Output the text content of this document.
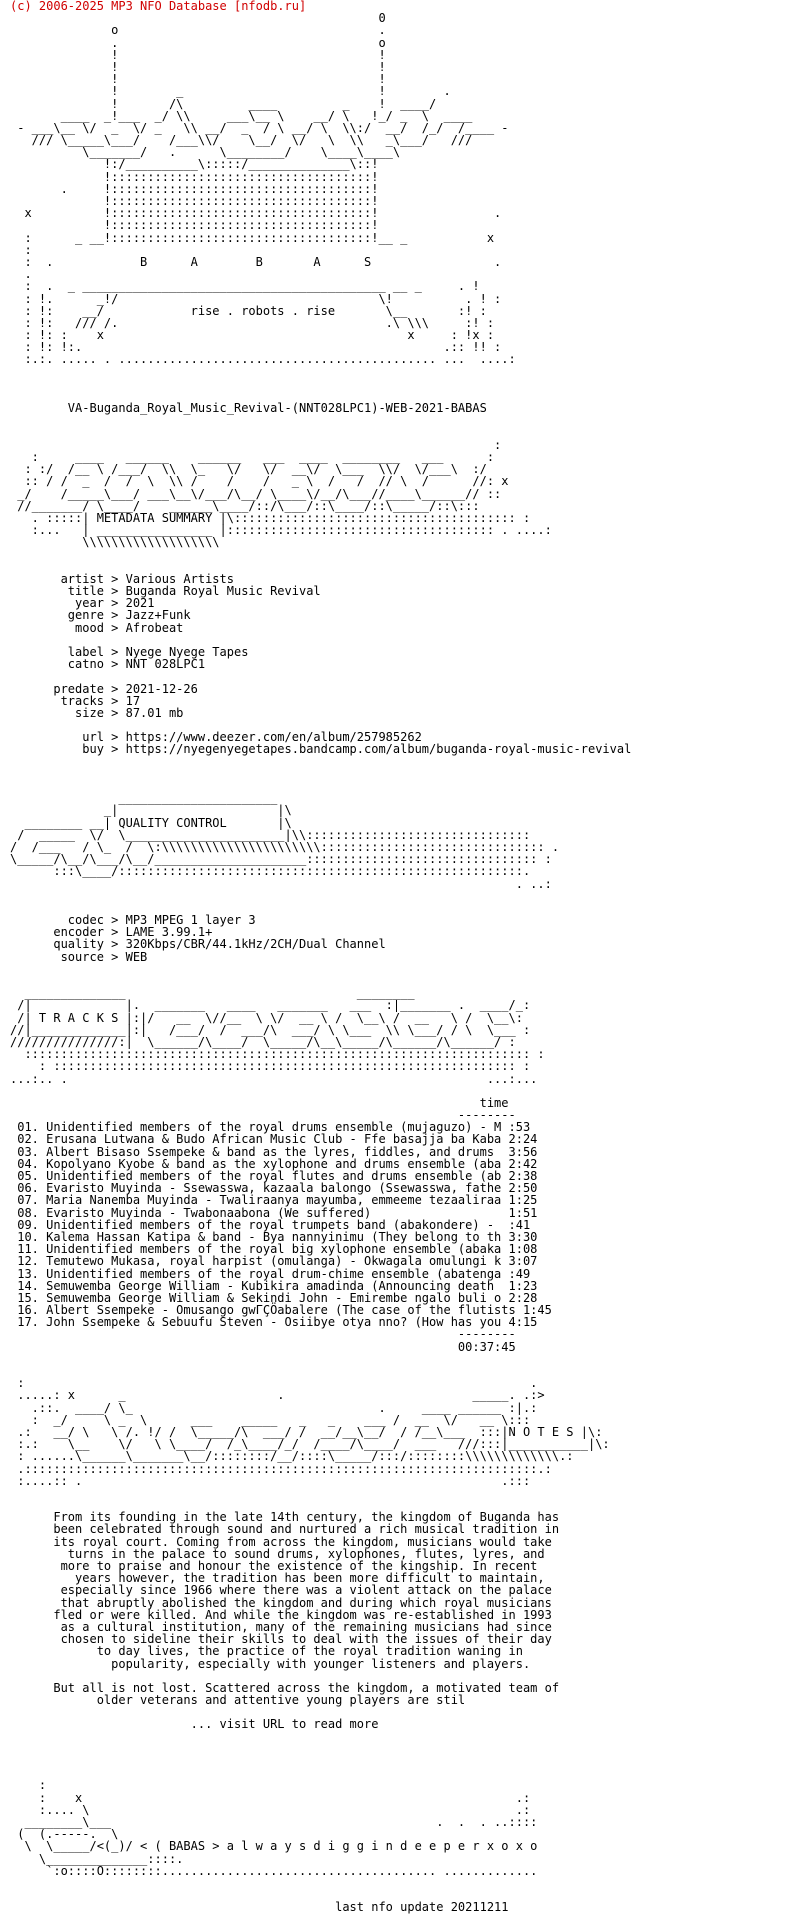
(c) 2006-2025 MP3 NFO Database [nfodb.ru]

0
o                                    .
.                                    o
!                                    !
!                                    !
!                                    !
!        _                           !        .
!       /\         ____         _    !  ____/
____  _!___  _/ \\     ___\__ \    __/ \   !_/ _  \  ____
- ___\__ \/  _  \/ _   \\ __/  _  / \ __/ \  \\:/  __/  /_/  /____ -
/// \_____\___/    /___\\/    \__/  \/   \  \\   _\___/   ///
\_______/   .      \________/    \____\____\
!:/__________\:::::/______________\::!
!::::::::::::::::::::::::::::::::::::!
.     !::::::::::::::::::::::::::::::::::::!
!::::::::::::::::::::::::::::::::::::!
x          !::::::::::::::::::::::::::::::::::::!                .
!::::::::::::::::::::::::::::::::::::!
:      _ __!::::::::::::::::::::::::::::::::::::!__ _           x
:
:  .            B      A        B       A      S                 .
.
:  .  _ __________________________________________ __ _     . !
: !.      _!/                                    \!          . ! :
: !:    __/            rise . robots . rise       \__       :! :
: !:   /// /.                                     .\ \\\     :! :
: !: :    x                                          x     : !x :
: !: !:.                                                  .:: !! :
:.:. ..... . ............................................ ...  ....:
VA-Buganda_Royal_Music_Revival-(NNT028LPC1)-WEB-2021-BABAS
:
:     ____   ______    ______   ___  ____  ________   ___      :
: :/  /__ \ /___/  \\  \_   \/   \/  __\/  \___  \\/  \/___\  :/
:: / /  _  /  /  \  \\ /    /    /   _ \  /   /  // \  /      //: x
_/    /_____\___/ ___\__\/___/\__/ \____\/__/\___//____\______// ::
//_______/ \____/    ______\____/::/\___/::\____/::\_____/::\:::
. :::::| METADATA SUMMARY |\::::::::::::::::::::::::::::::::::::::: :
:...   | ________________ |::::::::::::::::::::::::::::::::::::: . ....:
\\\\\\\\\\\\\\\\\\\
artist > Various Artists
title > Buganda Royal Music Revival
year > 2021
genre > Jazz+Funk
mood > Afrobeat
label > Nyege Nyege Tapes
catno > NNT 028LPC1
predate > 2021-12-26
tracks > 17
size > 87.01 mb
url > https://www.deezer.com/en/album/257985262
buy > https://nyegenyegetapes.bandcamp.com/album/buganda-royal-music-revival
______________________
_|                      |\
________ __| QUALITY CONTROL       |\
/  _____  \/  \______________________|\\:::::::::::::::::::::::::::::::
/  /___   / \_  /  \:\\\\\\\\\\\\\\\\\\\\\\::::::::::::::::::::::::::::::: .
\_____/\__/\___/\__/_____________________:::::::::::::::::::::::::::::::: :
:::\____/::::::::::::::::::::::::::::::::::::::::::::::::::::::::.
. ..:
codec > MP3 MPEG 1 layer 3
encoder > LAME 3.99.1+
quality > 320Kbps/CBR/44.1kHz/2CH/Dual Channel
source > WEB
______________                                ________
/|             |.  _______   ____   _______   ___  :|_______ .  ____/_:
/| T R A C K S |:|/   __  \//__  \ \/  __ \ /  \__\ /  __   \ /  \__\:
//|_____________|:|   /___/  /  ___/\  ___/ \ \___  \\ \___/ / \  \___ :
///////////////:|  \______/\____/  \_____/\__\_____/\______/\______/ :
:::::::::::::::::::::::::::::::::::::::::::::::::::::::::::::::::::::: :
: :::::::::::::::::::::::::::::::::::::::::::::::::::::::::::::::: :
...:.. .                                                          ...:...
time
--------
01. Unidentified members of the royal drums ensemble (mujaguzo) - M :53
02. Erusana Lutwana & Budo African Music Club - Ffe basajja ba Kaba 2:24
03. Albert Bisaso Ssempeke & band as the lyres, fiddles, and drums  3:56
04. Kopolyano Kyobe & band as the xylophone and drums ensemble (aba 2:42
05. Unidentified members of the royal flutes and drums ensemble (ab 2:38
06. Evaristo Muyinda - Ssewasswa, kazaala balongo (Ssewasswa, fathe 2:50
07. Maria Nanemba Muyinda - Twaliraanya mayumba, emmeeme tezaaliraa 1:25
08. Evaristo Muyinda - Twabonaabona (We suffered)                   1:51
09. Unidentified members of the royal trumpets band (abakondere) -  :41
10. Kalema Hassan Katipa & band - Bya nannyinimu (They belong to th 3:30
11. Unidentified members of the royal big xylophone ensemble (abaka 1:08
12. Temutewo Mukasa, royal harpist (omulanga) - Okwagala omulungi k 3:07
13. Unidentified members of the royal drum-chime ensemble (abatenga :49
14. Semuwemba George William - Kubikira amadinda (Announcing death  1:23
15. Semuwemba George William & Sekindi John - Emirembe ngalo buli o 2:28
16. Albert Ssempeke - Omusango gwΓÇÖabalere (The case of the flutists 1:45
17. John Ssempeke & Sebuufu Steven - Osiibye otya nno? (How has you 4:15
--------
00:37:45
:                                                                      .
.....: x      _                     .                          _____. .:>
.::.  ____/ \_                                  .     ____ ______ :|.:
:  _/     \ _  \      ___    _____   _   _    ___ /  __  \/   __ \:::
.:   __/ \   \ /. !/ /  \_____/\  ___/ /  __/__\__/  / /__\___  :::|N O T E S |\:
:.:    \__    \/   \ \____/  /_\____/_/  /____/\____/  ___   ///:::|___________|\:
: ......\______\_______\__/::::::::/__/::::\_____/:::/::::::::\\\\\\\\\\\\\.:
.:::::::::::::::::::::::::::::::::::::::::::::::::::::::::::::::::::::::.:
:....:: .                                                          .:::
From its founding in the late 14th century, the kingdom of Buganda has
been celebrated through sound and nurtured a rich musical tradition in
its royal court. Coming from across the kingdom, musicians would take
turns in the palace to sound drums, xylophones, flutes, lyres, and
more to praise and honour the existence of the kingship. In recent
years however, the tradition has been more difficult to maintain,
especially since 1966 where there was a violent attack on the palace
that abruptly abolished the kingdom and during which royal musicians
fled or were killed. And while the kingdom was re-established in 1993
as a cultural institution, many of the remaining musicians had since
chosen to sideline their skills to deal with the issues of their day
to day lives, the practice of the royal tradition waning in
popularity, especially with younger listeners and players.
But all is not lost. Scattered across the kingdom, a motivated team of
older veterans and attentive young players are stil
... visit URL to read more
:
:    x                                                            .:
:.... \                                                           .:
________\___                                             .  .  . ..::::
(  (.-----.  \
\  \_____/<(_)/ < ( BABAS > a l w a y s d i g g i n d e e p e r x o x o
\______________::::.
`:o::::O::::::::...................................... .............
last nfo update 20211211
